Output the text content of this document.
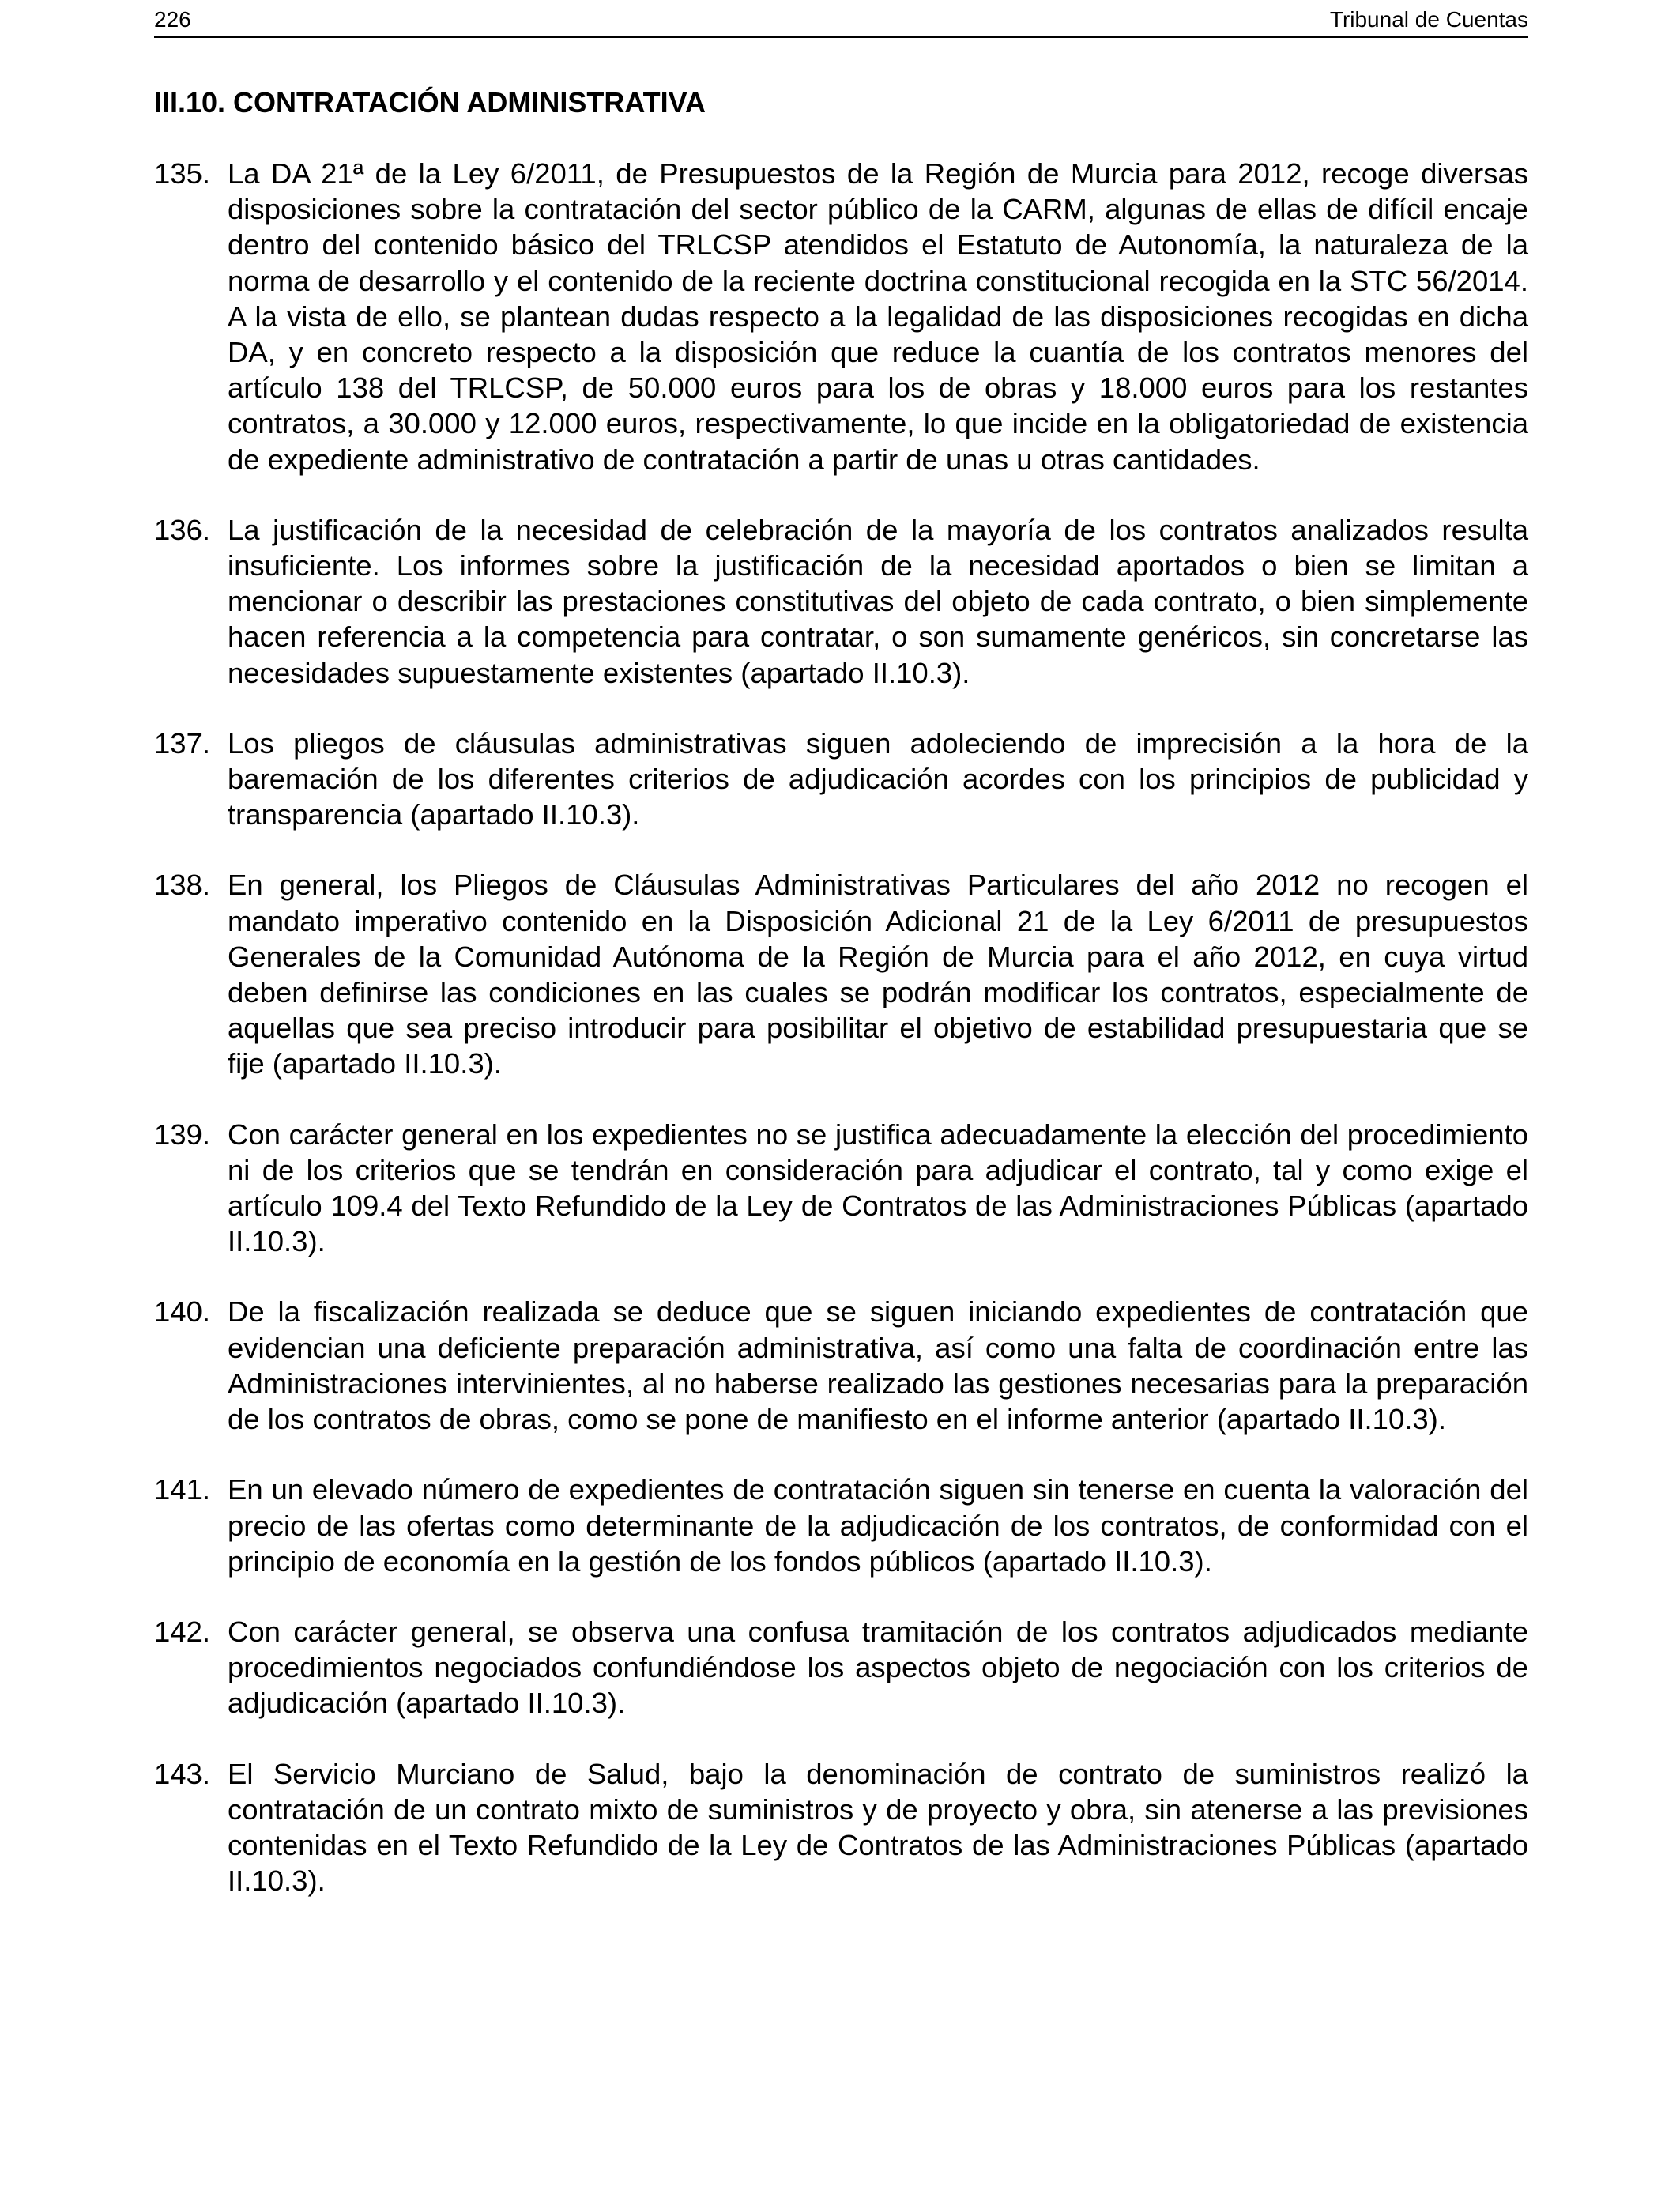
226	Tribunal de Cuentas
III.10. CONTRATACIÓN ADMINISTRATIVA
135. La DA 21ª de la Ley 6/2011, de Presupuestos de la Región de Murcia para 2012, recoge diversas disposiciones sobre la contratación del sector público de la CARM, algunas de ellas de difícil encaje dentro del contenido básico del TRLCSP atendidos el Estatuto de Autonomía, la naturaleza de la norma de desarrollo y el contenido de la reciente doctrina constitucional recogida en la STC 56/2014. A la vista de ello, se plantean dudas respecto a la legalidad de las disposiciones recogidas en dicha DA, y en concreto respecto a la disposición que reduce la cuantía de los contratos menores del artículo 138 del TRLCSP, de 50.000 euros para los de obras y 18.000 euros para los restantes contratos, a 30.000 y 12.000 euros, respectivamente, lo que incide en la obligatoriedad de existencia de expediente administrativo de contratación a partir de unas u otras cantidades.
136. La justificación de la necesidad de celebración de la mayoría de los contratos analizados resulta insuficiente. Los informes sobre la justificación de la necesidad aportados o bien se limitan a mencionar o describir las prestaciones constitutivas del objeto de cada contrato, o bien simplemente hacen referencia a la competencia para contratar, o son sumamente genéricos, sin concretarse las necesidades supuestamente existentes (apartado II.10.3).
137. Los pliegos de cláusulas administrativas siguen adoleciendo de imprecisión a la hora de la baremación de los diferentes criterios de adjudicación acordes con los principios de publicidad y transparencia (apartado II.10.3).
138. En general, los Pliegos de Cláusulas Administrativas Particulares del año 2012 no recogen el mandato imperativo contenido en la Disposición Adicional 21 de la Ley 6/2011 de presupuestos Generales de la Comunidad Autónoma de la Región de Murcia para el año 2012, en cuya virtud deben definirse las condiciones en las cuales se podrán modificar los contratos, especialmente de aquellas que sea preciso introducir para posibilitar el objetivo de estabilidad presupuestaria que se fije (apartado II.10.3).
139. Con carácter general en los expedientes no se justifica adecuadamente la elección del procedimiento ni de los criterios que se tendrán en consideración para adjudicar el contrato, tal y como exige el artículo 109.4 del Texto Refundido de la Ley de Contratos de las Administraciones Públicas (apartado II.10.3).
140. De la fiscalización realizada se deduce que se siguen iniciando expedientes de contratación que evidencian una deficiente preparación administrativa, así como una falta de coordinación entre las Administraciones intervinientes, al no haberse realizado las gestiones necesarias para la preparación de los contratos de obras, como se pone de manifiesto en el informe anterior (apartado II.10.3).
141. En un elevado número de expedientes de contratación siguen sin tenerse en cuenta la valoración del precio de las ofertas como determinante de la adjudicación de los contratos, de conformidad con el principio de economía en la gestión de los fondos públicos (apartado II.10.3).
142. Con carácter general, se observa una confusa tramitación de los contratos adjudicados mediante procedimientos negociados confundiéndose los aspectos objeto de negociación con los criterios de adjudicación (apartado II.10.3).
143. El Servicio Murciano de Salud, bajo la denominación de contrato de suministros realizó la contratación de un contrato mixto de suministros y de proyecto y obra, sin atenerse a las previsiones contenidas en el Texto Refundido de la Ley de Contratos de las Administraciones Públicas (apartado II.10.3).
